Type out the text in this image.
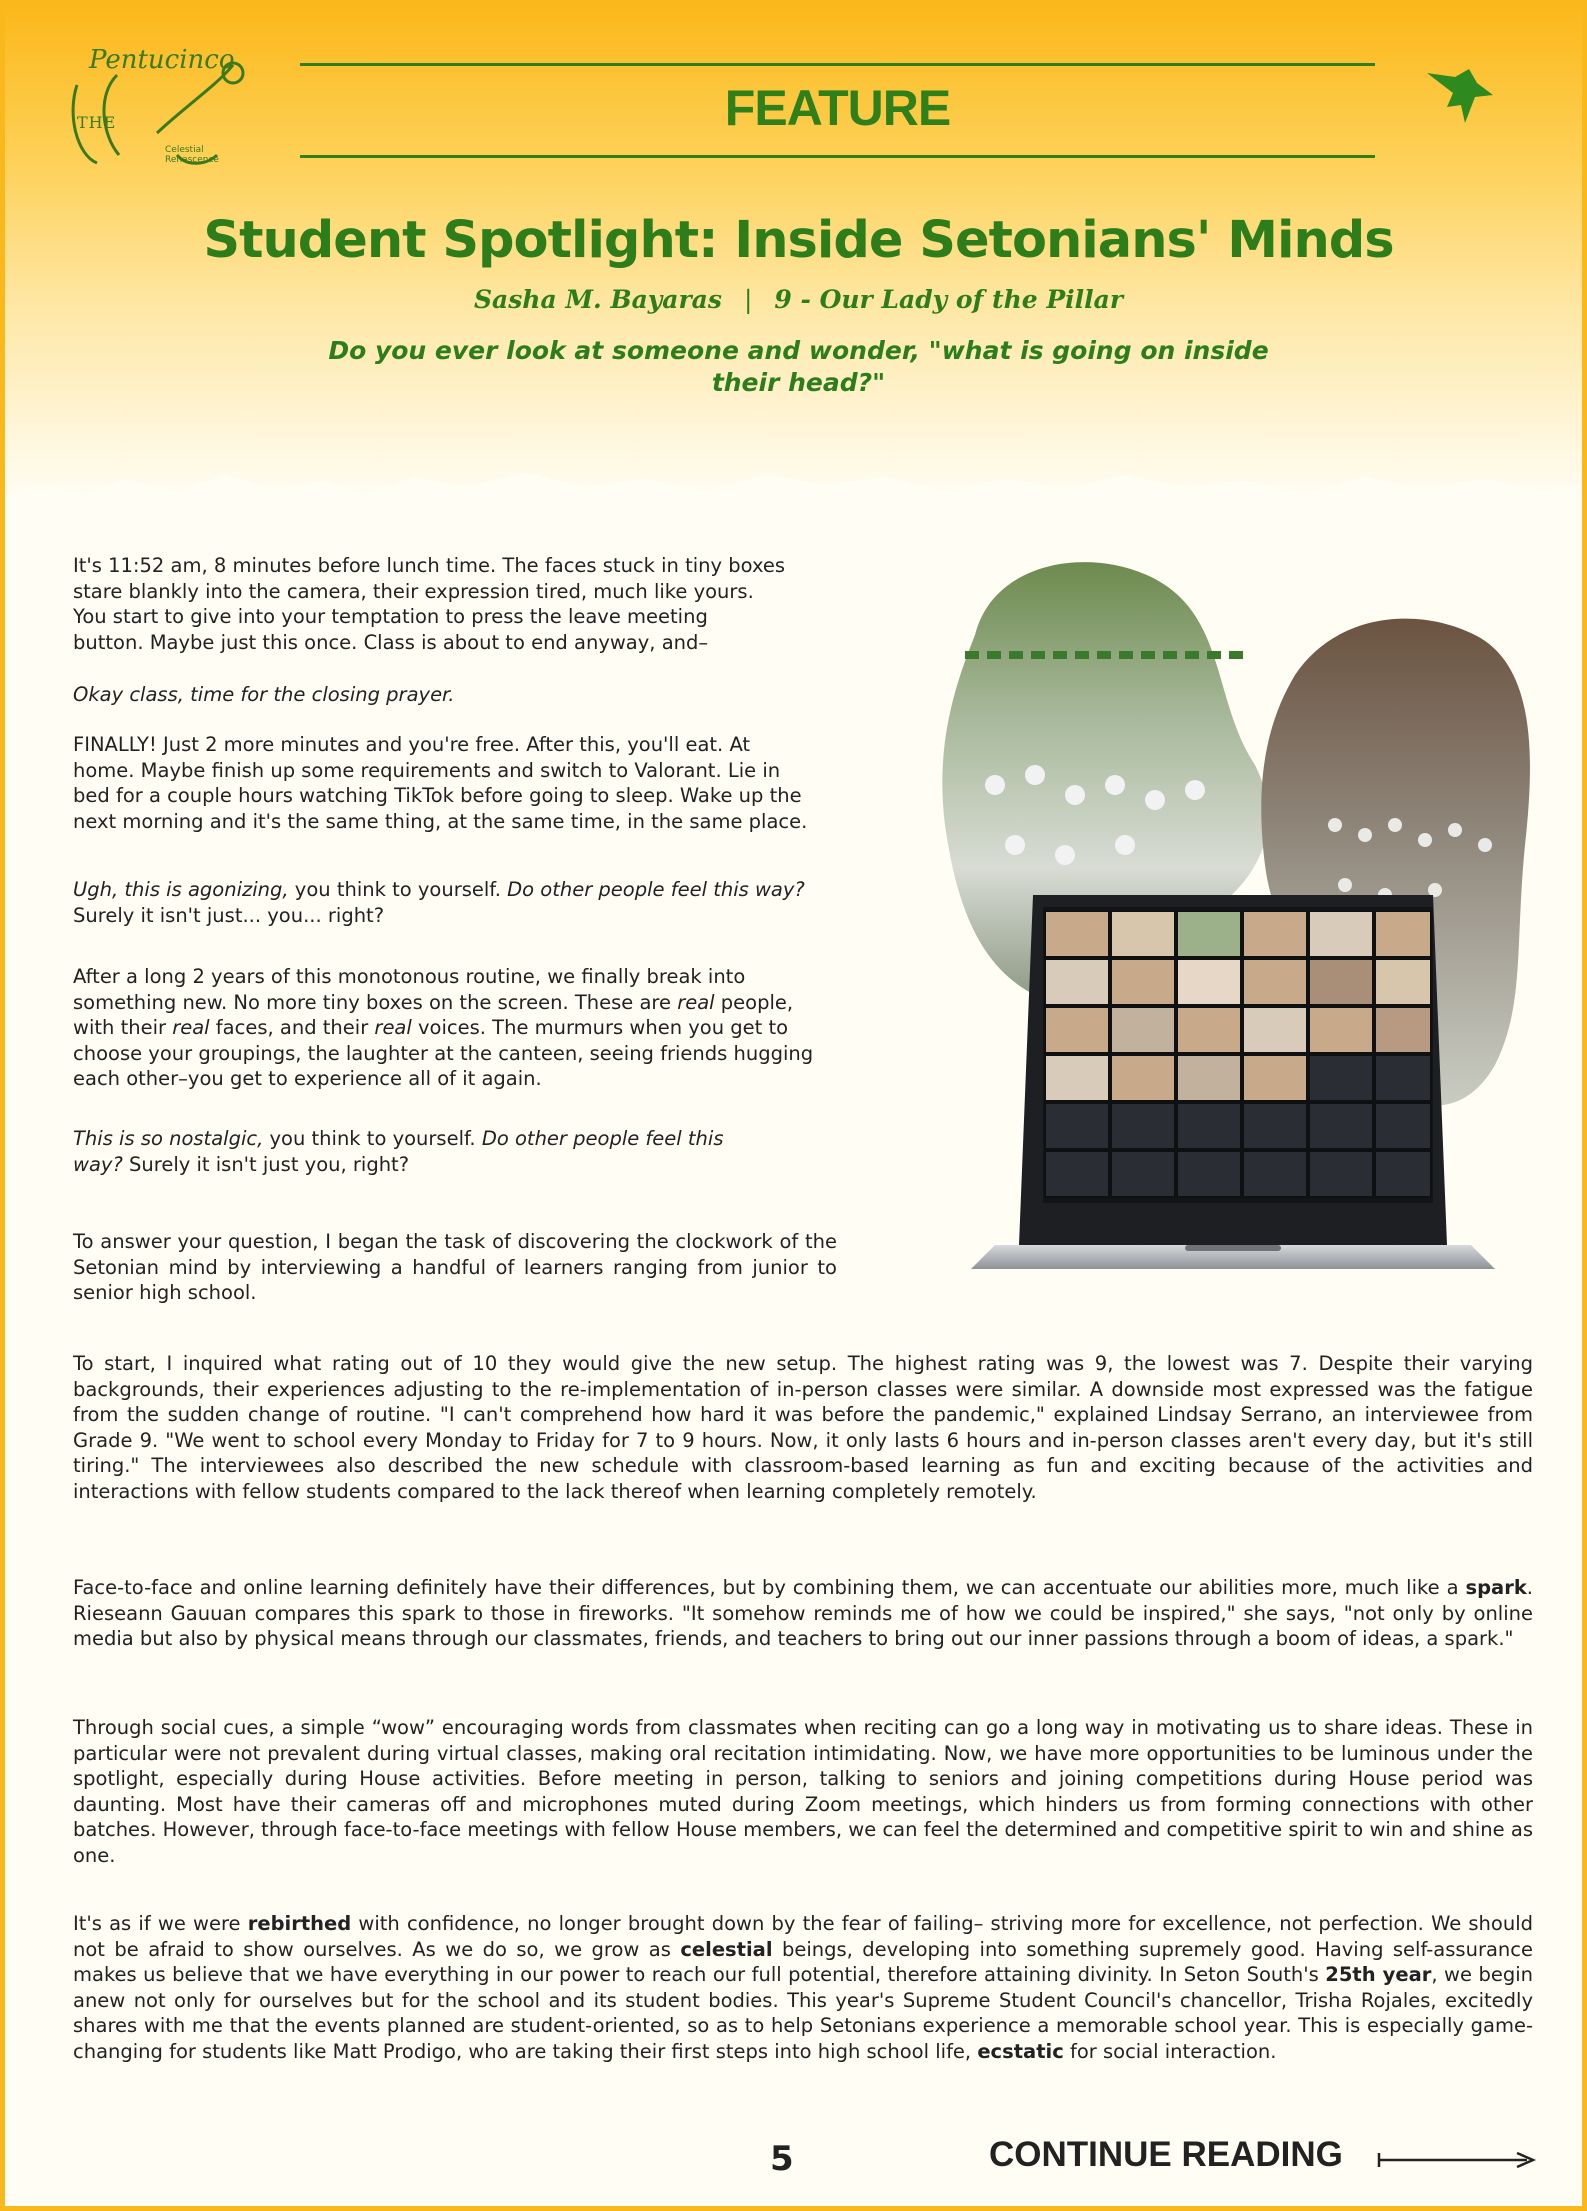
Pentucinco
THE
Celestial Renascence
FEATURE
Student Spotlight: Inside Setonians' Minds
Sasha M. Bayaras | 9 - Our Lady of the Pillar
Do you ever look at someone and wonder, "what is going on inside
their head?"

It's 11:52 am, 8 minutes before lunch time. The faces stuck in tiny boxes

stare blankly into the camera, their expression tired, much like yours.

You start to give into your temptation to press the leave meeting

button. Maybe just this once. Class is about to end anyway, and–

Okay class, time for the closing prayer.

FINALLY! Just 2 more minutes and you're free. After this, you'll eat. At

home. Maybe finish up some requirements and switch to Valorant. Lie in

bed for a couple hours watching TikTok before going to sleep. Wake up the

next morning and it's the same thing, at the same time, in the same place.

Ugh, this is agonizing, you think to yourself. Do other people feel this way?

Surely it isn't just... you... right?

After a long 2 years of this monotonous routine, we finally break into

something new. No more tiny boxes on the screen. These are real people,

with their real faces, and their real voices. The murmurs when you get to

choose your groupings, the laughter at the canteen, seeing friends hugging

each other–you get to experience all of it again.

This is so nostalgic, you think to yourself. Do other people feel this

way? Surely it isn't just you, right?

To answer your question, I began the task of discovering the clockwork of the Setonian mind by interviewing a handful of learners ranging from junior to senior high school.

To start, I inquired what rating out of 10 they would give the new setup. The highest rating was 9, the lowest was 7. Despite their varying backgrounds, their experiences adjusting to the re-implementation of in-person classes were similar. A downside most expressed was the fatigue from the sudden change of routine. "I can't comprehend how hard it was before the pandemic," explained Lindsay Serrano, an interviewee from Grade 9. "We went to school every Monday to Friday for 7 to 9 hours. Now, it only lasts 6 hours and in-person classes aren't every day, but it's still tiring." The interviewees also described the new schedule with classroom-based learning as fun and exciting because of the activities and interactions with fellow students compared to the lack thereof when learning completely remotely.

Face-to-face and online learning definitely have their differences, but by combining them, we can accentuate our abilities more, much like a spark. Rieseann Gauuan compares this spark to those in fireworks. "It somehow reminds me of how we could be inspired," she says, "not only by online media but also by physical means through our classmates, friends, and teachers to bring out our inner passions through a boom of ideas, a spark."

Through social cues, a simple “wow” encouraging words from classmates when reciting can go a long way in motivating us to share ideas. These in particular were not prevalent during virtual classes, making oral recitation intimidating. Now, we have more opportunities to be luminous under the spotlight, especially during House activities. Before meeting in person, talking to seniors and joining competitions during House period was daunting. Most have their cameras off and microphones muted during Zoom meetings, which hinders us from forming connections with other batches. However, through face-to-face meetings with fellow House members, we can feel the determined and competitive spirit to win and shine as one.

It's as if we were rebirthed with confidence, no longer brought down by the fear of failing– striving more for excellence, not perfection. We should not be afraid to show ourselves. As we do so, we grow as celestial beings, developing into something supremely good. Having self-assurance makes us believe that we have everything in our power to reach our full potential, therefore attaining divinity. In Seton South's 25th year, we begin anew not only for ourselves but for the school and its student bodies. This year's Supreme Student Council's chancellor, Trisha Rojales, excitedly shares with me that the events planned are student-oriented, so as to help Setonians experience a memorable school year. This is especially game-changing for students like Matt Prodigo, who are taking their first steps into high school life, ecstatic for social interaction.

5	CONTINUE READING
